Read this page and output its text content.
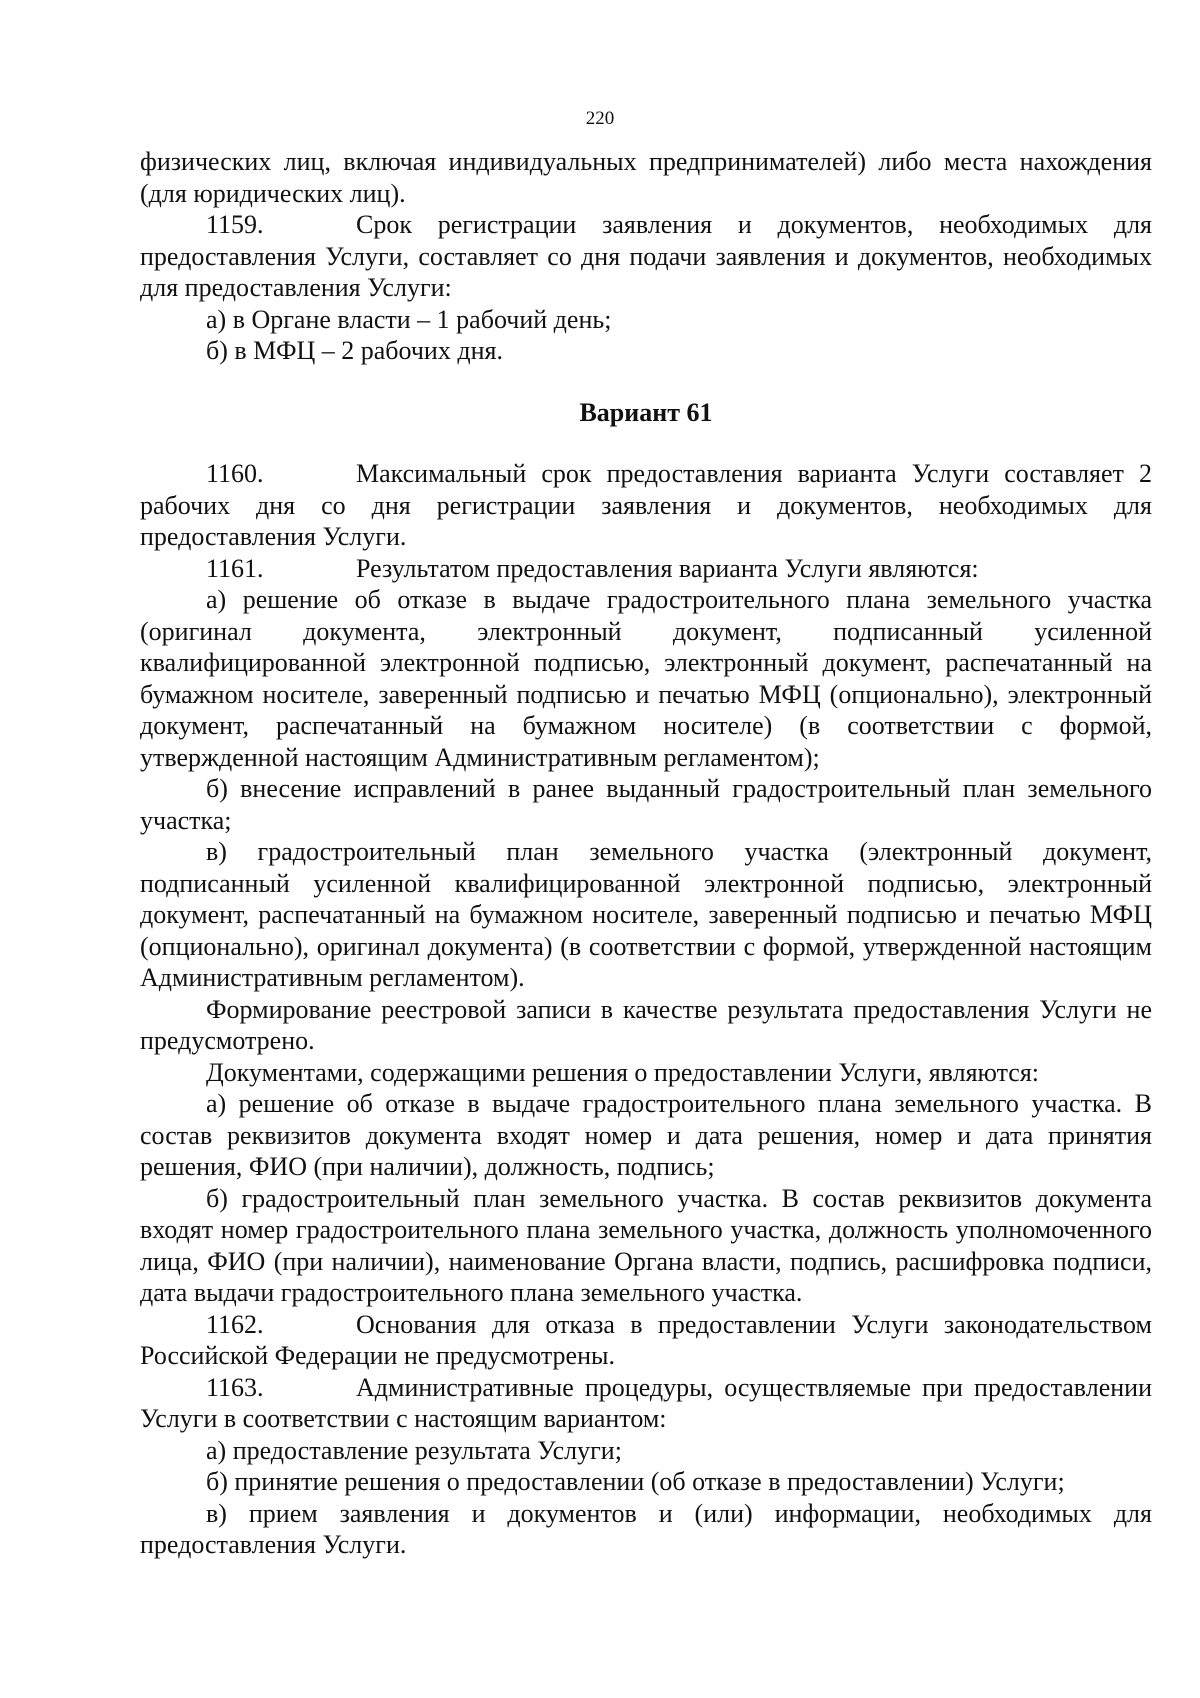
220

физических лиц, включая индивидуальных предпринимателей) либо места нахождения (для юридических лиц).

1159.	Срок регистрации заявления и документов, необходимых для предоставления Услуги, составляет со дня подачи заявления и документов, необходимых для предоставления Услуги:

а) в Органе власти – 1 рабочий день;

б) в МФЦ – 2 рабочих дня.

Вариант 61

1160.	Максимальный срок предоставления варианта Услуги составляет 2 рабочих дня со дня регистрации заявления и документов, необходимых для предоставления Услуги.

1161.	Результатом предоставления варианта Услуги являются:

а) решение об отказе в выдаче градостроительного плана земельного участка (оригинал документа, электронный документ, подписанный усиленной квалифицированной электронной подписью, электронный документ, распечатанный на бумажном носителе, заверенный подписью и печатью МФЦ (опционально), электронный документ, распечатанный на бумажном носителе) (в соответствии с формой, утвержденной настоящим Административным регламентом);

б) внесение исправлений в ранее выданный градостроительный план земельного участка;

в) градостроительный план земельного участка (электронный документ, подписанный усиленной квалифицированной электронной подписью, электронный документ, распечатанный на бумажном носителе, заверенный подписью и печатью МФЦ (опционально), оригинал документа) (в соответствии с формой, утвержденной настоящим Административным регламентом).

Формирование реестровой записи в качестве результата предоставления Услуги не предусмотрено.

Документами, содержащими решения о предоставлении Услуги, являются:

а) решение об отказе в выдаче градостроительного плана земельного участка. В состав реквизитов документа входят номер и дата решения, номер и дата принятия решения, ФИО (при наличии), должность, подпись;

б) градостроительный план земельного участка. В состав реквизитов документа входят номер градостроительного плана земельного участка, должность уполномоченного лица, ФИО (при наличии), наименование Органа власти, подпись, расшифровка подписи, дата выдачи градостроительного плана земельного участка.

1162.	Основания для отказа в предоставлении Услуги законодательством Российской Федерации не предусмотрены.

1163.	Административные процедуры, осуществляемые при предоставлении Услуги в соответствии с настоящим вариантом:

а) предоставление результата Услуги;

б) принятие решения о предоставлении (об отказе в предоставлении) Услуги;

в) прием заявления и документов и (или) информации, необходимых для предоставления Услуги.
